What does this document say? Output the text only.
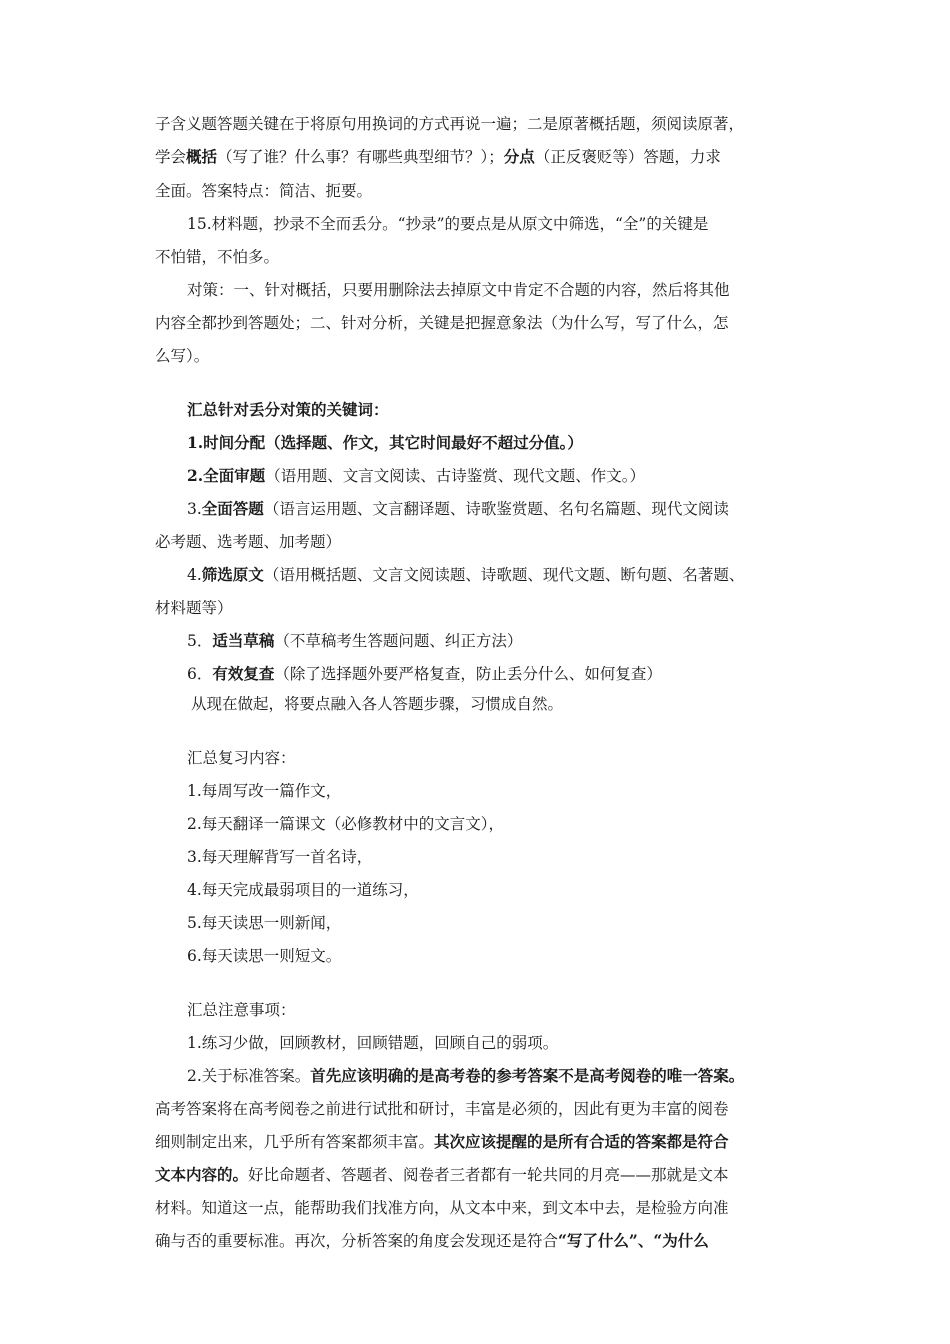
子含义题答题关键在于将原句用换词的方式再说一遍；二是原著概括题，须阅读原著，
学会概括（写了谁？什么事？有哪些典型细节？）；分点（正反褒贬等）答题，力求
全面。答案特点：简洁、扼要。
15.材料题，抄录不全而丢分。“抄录”的要点是从原文中筛选，“全”的关键是
不怕错，不怕多。
对策：一、针对概括，只要用删除法去掉原文中肯定不合题的内容，然后将其他
内容全都抄到答题处；二、针对分析，关键是把握意象法（为什么写，写了什么，怎
么写）。
汇总针对丢分对策的关键词：
1.时间分配（选择题、作文，其它时间最好不超过分值。）
2.全面审题（语用题、文言文阅读、古诗鉴赏、现代文题、作文。）
3.全面答题（语言运用题、文言翻译题、诗歌鉴赏题、名句名篇题、现代文阅读
必考题、选考题、加考题）
4.筛选原文（语用概括题、文言文阅读题、诗歌题、现代文题、断句题、名著题、
材料题等）
5．适当草稿（不草稿考生答题问题、纠正方法）
6．有效复查（除了选择题外要严格复查，防止丢分什么、如何复查）
从现在做起，将要点融入各人答题步骤，习惯成自然。
汇总复习内容：
1.每周写改一篇作文，
2.每天翻译一篇课文（必修教材中的文言文），
3.每天理解背写一首名诗，
4.每天完成最弱项目的一道练习，
5.每天读思一则新闻，
6.每天读思一则短文。
汇总注意事项：
1.练习少做，回顾教材，回顾错题，回顾自己的弱项。
2.关于标准答案。首先应该明确的是高考卷的参考答案不是高考阅卷的唯一答案。
高考答案将在高考阅卷之前进行试批和研讨，丰富是必须的，因此有更为丰富的阅卷
细则制定出来，几乎所有答案都须丰富。其次应该提醒的是所有合适的答案都是符合
文本内容的。好比命题者、答题者、阅卷者三者都有一轮共同的月亮——那就是文本
材料。知道这一点，能帮助我们找准方向，从文本中来，到文本中去，是检验方向准
确与否的重要标准。再次，分析答案的角度会发现还是符合“写了什么”、“为什么
